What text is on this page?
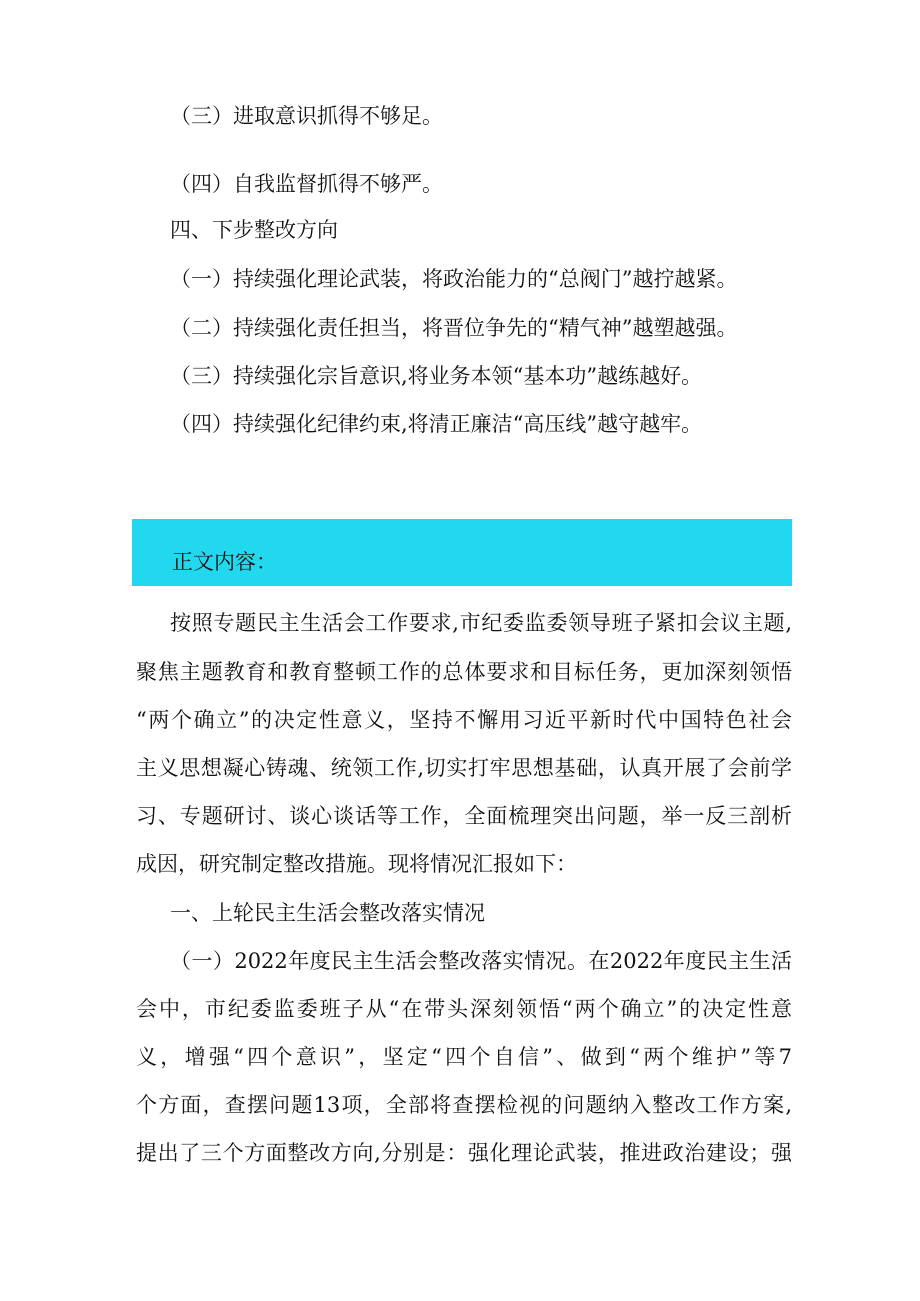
（三）进取意识抓得不够足。
（四）自我监督抓得不够严。
四、下步整改方向
（一）持续强化理论武装，将政治能力的“总阀门”越拧越紧。
（二）持续强化责任担当，将晋位争先的“精气神”越塑越强。
（三）持续强化宗旨意识,将业务本领“基本功”越练越好。
（四）持续强化纪律约束,将清正廉洁“高压线”越守越牢。
正文内容：
按照专题民主生活会工作要求,市纪委监委领导班子紧扣会议主题,
聚焦主题教育和教育整顿工作的总体要求和目标任务，更加深刻领悟
“两个确立”的决定性意义，坚持不懈用习近平新时代中国特色社会
主义思想凝心铸魂、统领工作,切实打牢思想基础，认真开展了会前学
习、专题研讨、谈心谈话等工作，全面梳理突出问题，举一反三剖析
成因，研究制定整改措施。现将情况汇报如下：
一、上轮民主生活会整改落实情况
（一）2022年度民主生活会整改落实情况。在2022年度民主生活
会中，市纪委监委班子从“在带头深刻领悟“两个确立”的决定性意
义，增强“四个意识”，坚定“四个自信”、做到“两个维护”等7
个方面，查摆问题13项，全部将查摆检视的问题纳入整改工作方案,
提出了三个方面整改方向,分别是：强化理论武装，推进政治建设；强
